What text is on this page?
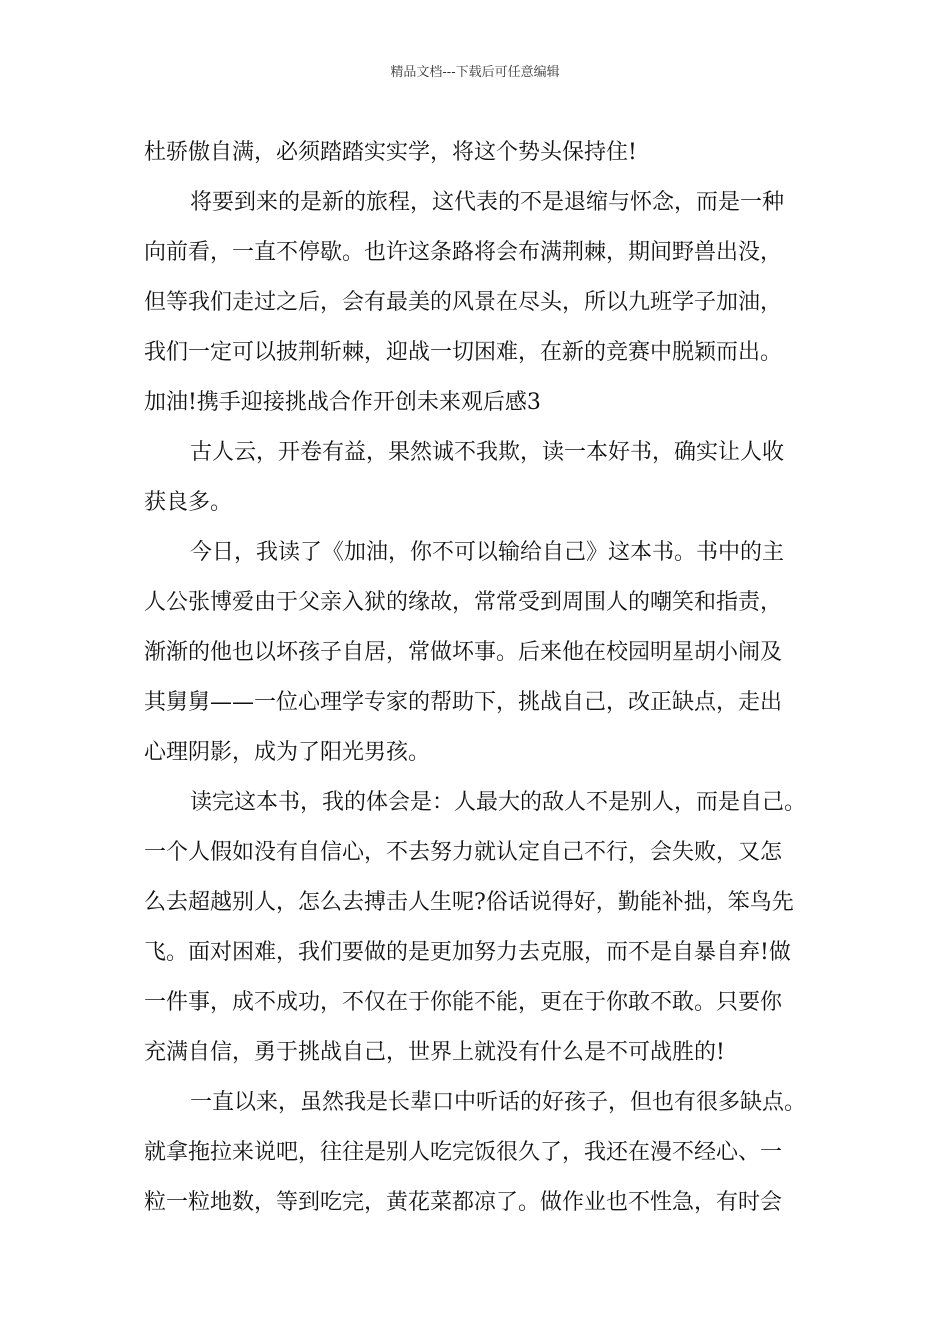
精品文档---下载后可任意编辑
杜骄傲自满，必须踏踏实实学，将这个势头保持住!
将要到来的是新的旅程，这代表的不是退缩与怀念，而是一种
向前看，一直不停歇。也许这条路将会布满荆棘，期间野兽出没，
但等我们走过之后，会有最美的风景在尽头，所以九班学子加油，
我们一定可以披荆斩棘，迎战一切困难，在新的竞赛中脱颖而出。
加油!携手迎接挑战合作开创未来观后感3
古人云，开卷有益，果然诚不我欺，读一本好书，确实让人收
获良多。
今日，我读了《加油，你不可以输给自己》这本书。书中的主
人公张博爱由于父亲入狱的缘故，常常受到周围人的嘲笑和指责，
渐渐的他也以坏孩子自居，常做坏事。后来他在校园明星胡小闹及
其舅舅——一位心理学专家的帮助下，挑战自己，改正缺点，走出
心理阴影，成为了阳光男孩。
读完这本书，我的体会是：人最大的敌人不是别人，而是自己。
一个人假如没有自信心，不去努力就认定自己不行，会失败，又怎
么去超越别人，怎么去搏击人生呢?俗话说得好，勤能补拙，笨鸟先
飞。面对困难，我们要做的是更加努力去克服，而不是自暴自弃!做
一件事，成不成功，不仅在于你能不能，更在于你敢不敢。只要你
充满自信，勇于挑战自己，世界上就没有什么是不可战胜的!
一直以来，虽然我是长辈口中听话的好孩子，但也有很多缺点。
就拿拖拉来说吧，往往是别人吃完饭很久了，我还在漫不经心、一
粒一粒地数，等到吃完，黄花菜都凉了。做作业也不性急，有时会
